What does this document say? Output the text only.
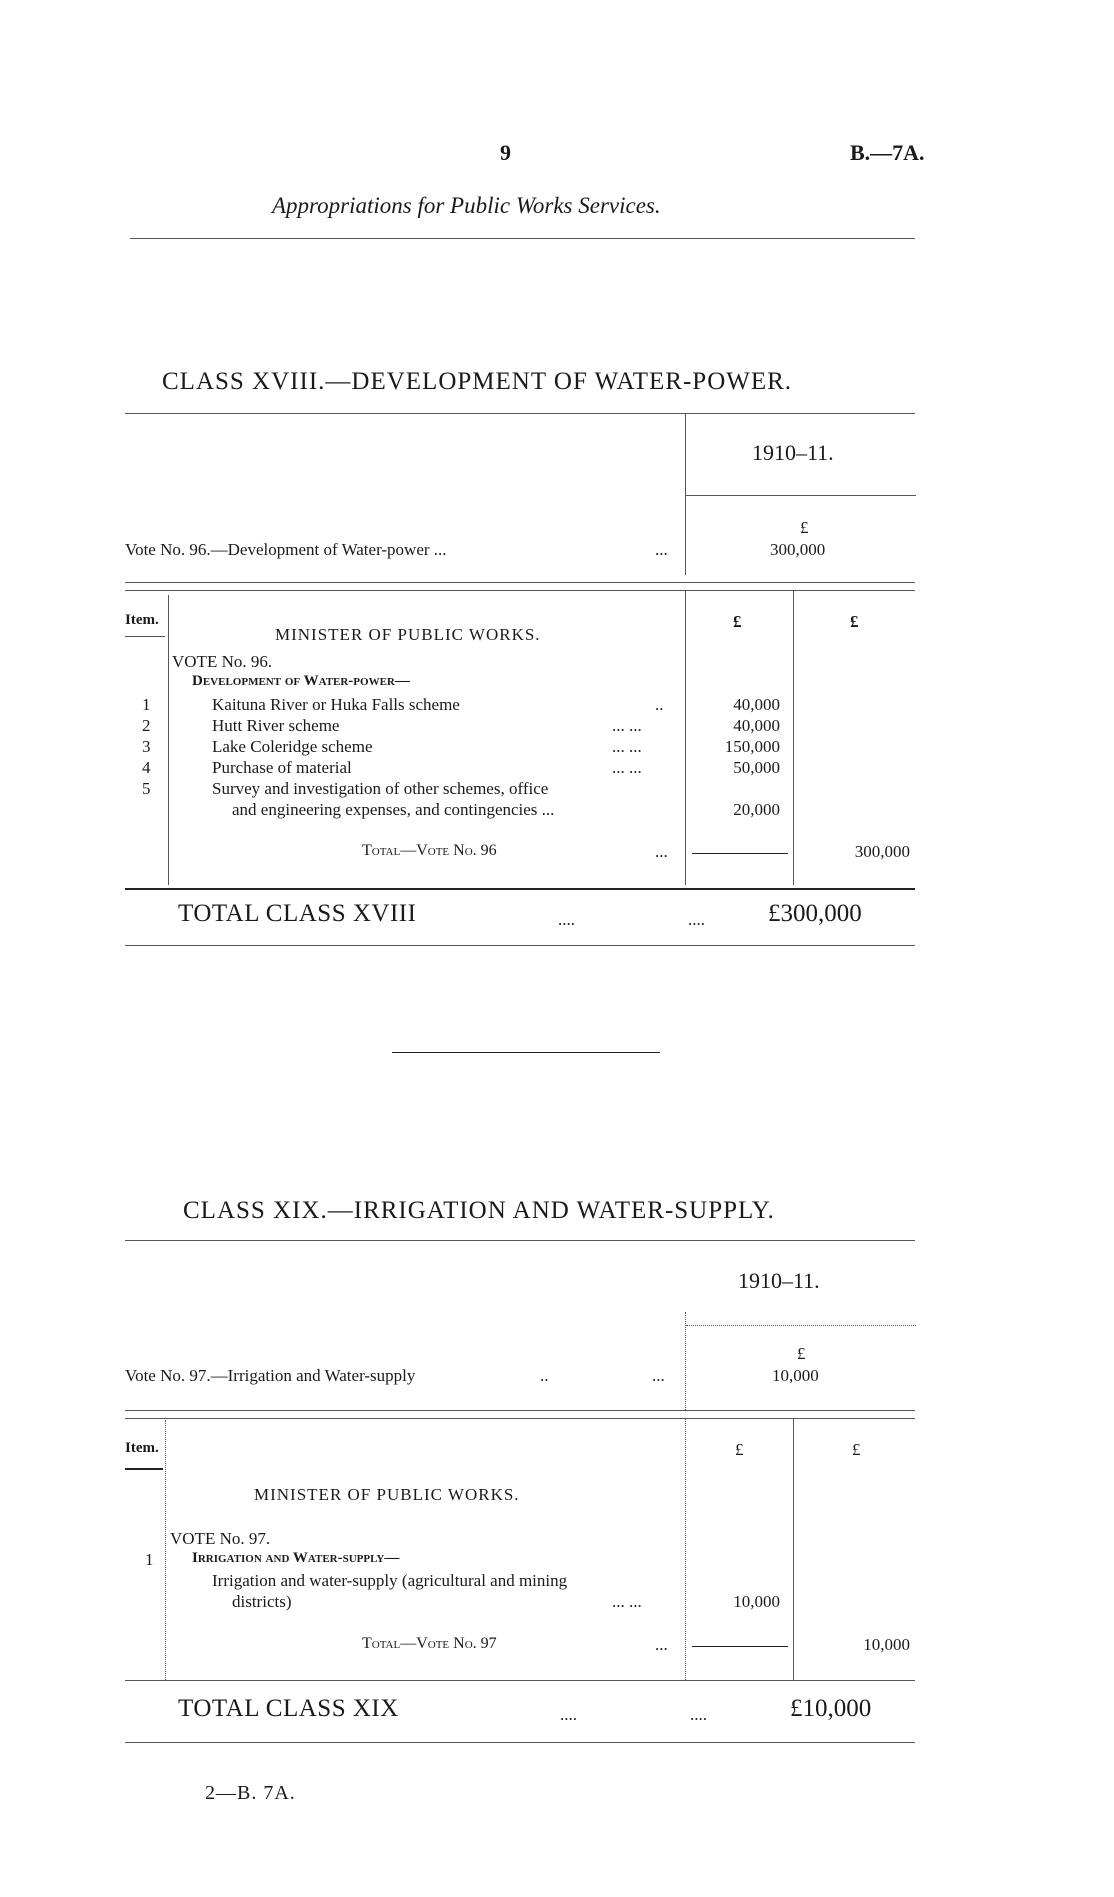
9	B.—7A.
Appropriations for Public Works Services.
CLASS XVIII.—DEVELOPMENT OF WATER-POWER.
1910–11.
Vote No. 96.—Development of Water-power ...	...
£
300,000
Item.	£	£
MINISTER OF PUBLIC WORKS.
VOTE No. 96.
Development of Water-power—
1	Kaituna River or Huka Falls scheme	..	40,000
2	Hutt River scheme	... ...	40,000
3	Lake Coleridge scheme	... ...	150,000
4	Purchase of material	... ...	50,000
5	Survey and investigation of other schemes, office
and engineering expenses, and contingencies ...	20,000
Total—Vote No. 96	...	300,000
TOTAL CLASS XVIII	....	....	£300,000
CLASS XIX.—IRRIGATION AND WATER-SUPPLY.
1910–11.
£
Vote No. 97.—Irrigation and Water-supply	..	...	10,000
Item.	£	£
MINISTER OF PUBLIC WORKS.
VOTE No. 97.
1	Irrigation and Water-supply—
Irrigation and water-supply (agricultural and mining
districts)	... ...	10,000
Total—Vote No. 97	...	10,000
TOTAL CLASS XIX	....	....	£10,000
2—B. 7A.
